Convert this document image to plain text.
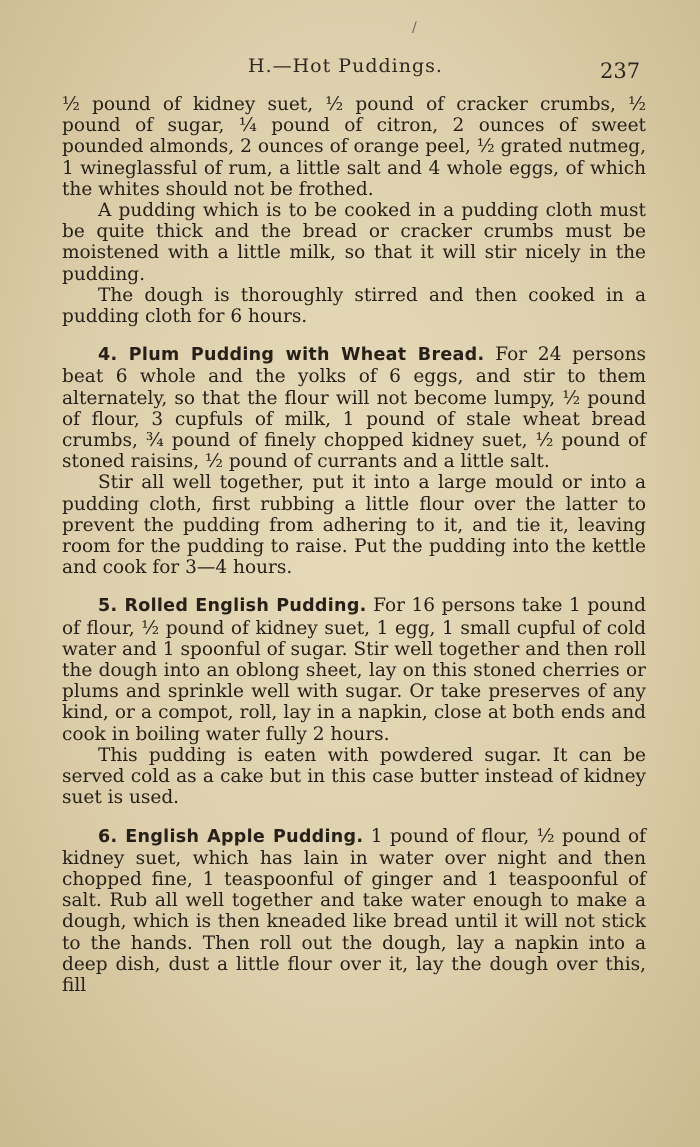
/
H.—Hot Puddings.	237

½ pound of kidney suet, ½ pound of cracker crumbs, ½ pound of sugar, ¼ pound of citron, 2 ounces of sweet pounded almonds, 2 ounces of orange peel, ½ grated nutmeg, 1 wineglassful of rum, a little salt and 4 whole eggs, of which the whites should not be frothed.

A pudding which is to be cooked in a pudding cloth must be quite thick and the bread or cracker crumbs must be moistened with a little milk, so that it will stir nicely in the pudding.

The dough is thoroughly stirred and then cooked in a pudding cloth for 6 hours.

4. Plum Pudding with Wheat Bread. For 24 persons beat 6 whole and the yolks of 6 eggs, and stir to them alternately, so that the flour will not become lumpy, ½ pound of flour, 3 cupfuls of milk, 1 pound of stale wheat bread crumbs, ¾ pound of finely chopped kidney suet, ½ pound of stoned raisins, ½ pound of currants and a little salt.

Stir all well together, put it into a large mould or into a pudding cloth, first rubbing a little flour over the latter to prevent the pudding from adhering to it, and tie it, leaving room for the pudding to raise. Put the pudding into the kettle and cook for 3—4 hours.

5. Rolled English Pudding. For 16 persons take 1 pound of flour, ½ pound of kidney suet, 1 egg, 1 small cupful of cold water and 1 spoonful of sugar. Stir well together and then roll the dough into an oblong sheet, lay on this stoned cherries or plums and sprinkle well with sugar. Or take preserves of any kind, or a compot, roll, lay in a napkin, close at both ends and cook in boiling water fully 2 hours.

This pudding is eaten with powdered sugar. It can be served cold as a cake but in this case butter instead of kidney suet is used.

6. English Apple Pudding. 1 pound of flour, ½ pound of kidney suet, which has lain in water over night and then chopped fine, 1 teaspoonful of ginger and 1 teaspoonful of salt. Rub all well together and take water enough to make a dough, which is then kneaded like bread until it will not stick to the hands. Then roll out the dough, lay a napkin into a deep dish, dust a little flour over it, lay the dough over this, fill
